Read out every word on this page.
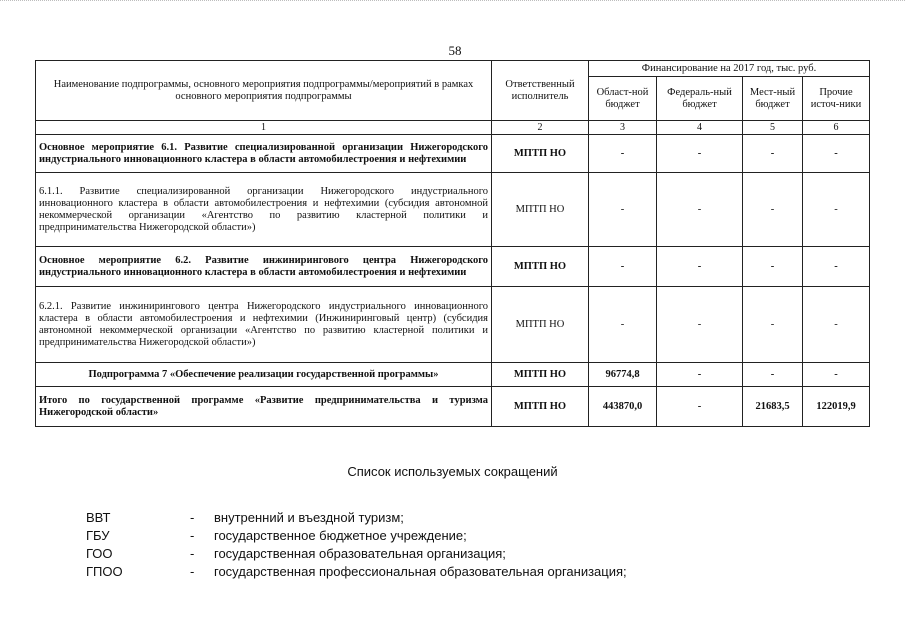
58
Наименование подпрограммы, основного мероприятия подпрограммы/мероприятий в рамках основного мероприятия подпрограммы	Ответственный исполнитель	Финансирование на 2017 год, тыс. руб.			
		Област-ной бюджет	Федераль-ный бюджет	Мест-ный бюджет	Прочие источ-ники
1	2	3	4	5	6
Основное мероприятие 6.1. Развитие специализированной организации Нижегородского индустриального инновационного кластера в области автомобилестроения и нефтехимии	МПТП НО	-	-	-	-
6.1.1. Развитие специализированной организации Нижегородского индустриального инновационного кластера в области автомобилестроения и нефтехимии (субсидия автономной некоммерческой организации «Агентство по развитию кластерной политики и предпринимательства Нижегородской области»)	МПТП НО	-	-	-	-
Основное мероприятие 6.2. Развитие инжинирингового центра Нижегородского индустриального инновационного кластера в области автомобилестроения и нефтехимии	МПТП НО	-	-	-	-
6.2.1. Развитие инжинирингового центра Нижегородского индустриального инновационного кластера в области автомобилестроения и нефтехимии (Инжиниринговый центр) (субсидия автономной некоммерческой организации «Агентство по развитию кластерной политики и предпринимательства Нижегородской области»)	МПТП НО	-	-	-	-
Подпрограмма 7 «Обеспечение реализации государственной программы»	МПТП НО	96774,8	-	-	-
Итого по государственной программе «Развитие предпринимательства и туризма Нижегородской области»	МПТП НО	443870,0	-	21683,5	122019,9
Список используемых сокращений
ВВТ	- внутренний и въездной туризм;
ГБУ	- государственное бюджетное учреждение;
ГОО	- государственная образовательная организация;
ГПОО	- государственная профессиональная образовательная организация;
